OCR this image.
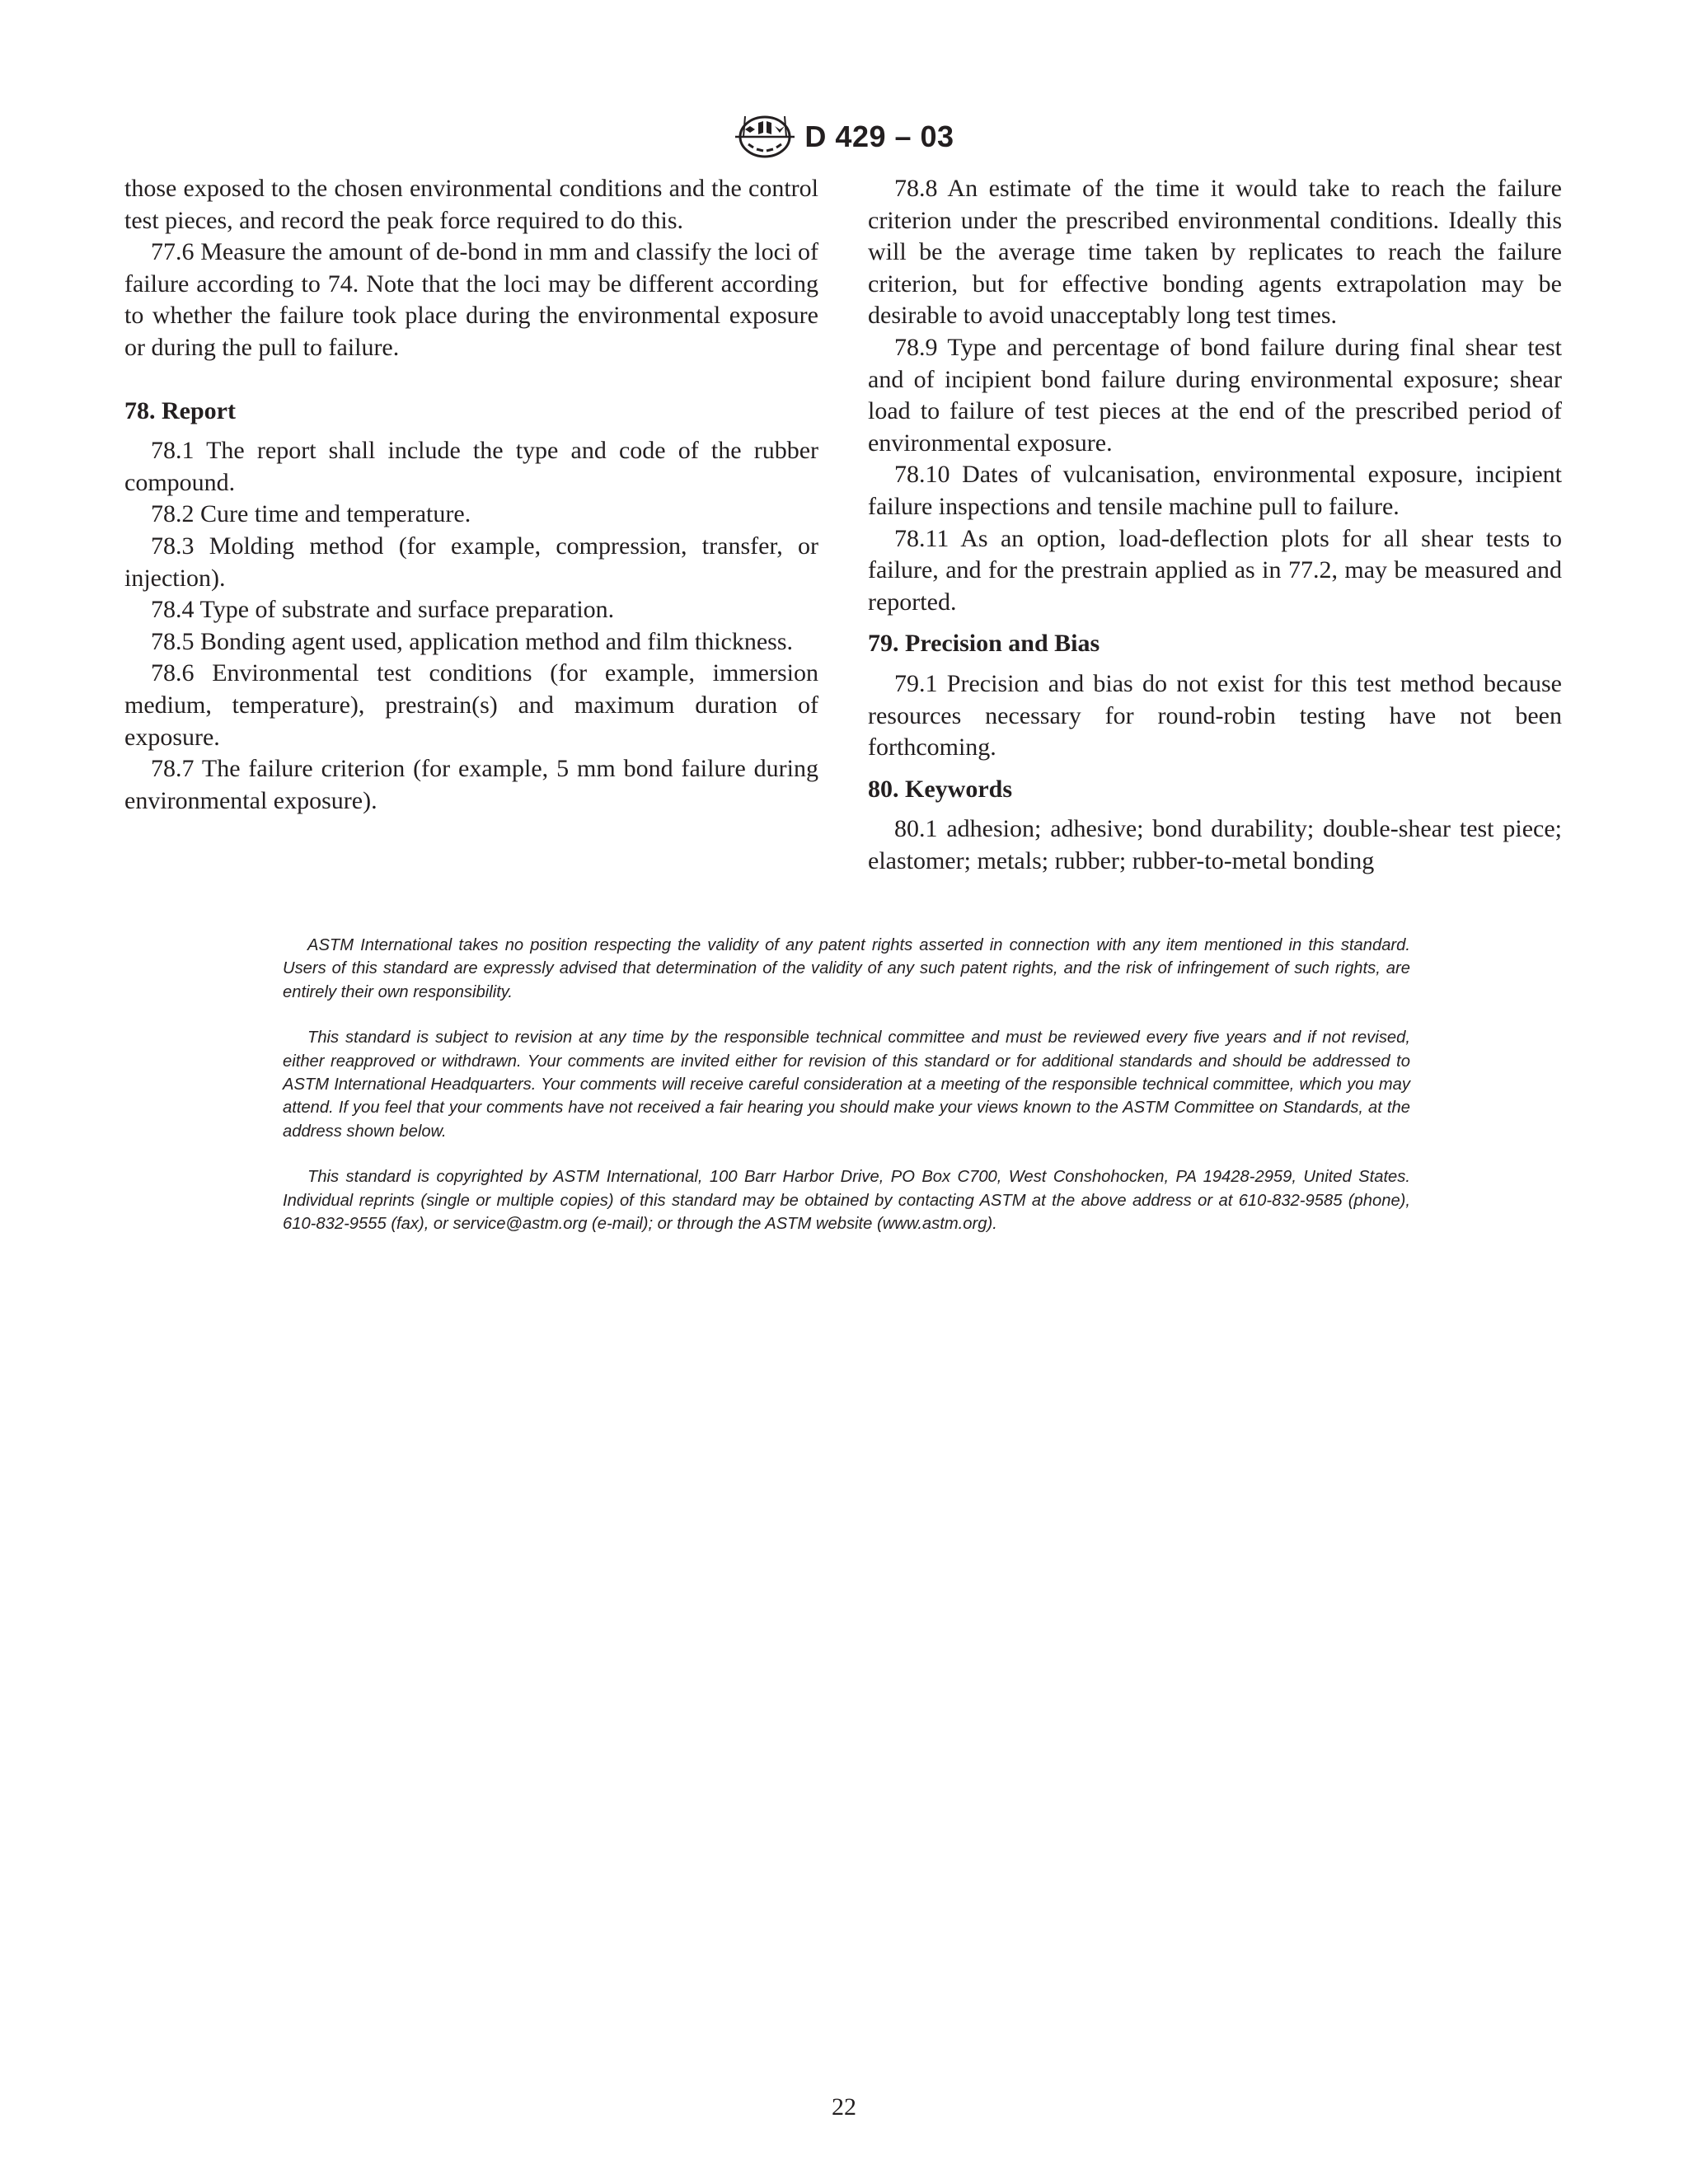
D 429 – 03

those exposed to the chosen environmental conditions and the control test pieces, and record the peak force required to do this.

77.6 Measure the amount of de-bond in mm and classify the loci of failure according to 74. Note that the loci may be different according to whether the failure took place during the environmental exposure or during the pull to failure.

78. Report

78.1 The report shall include the type and code of the rubber compound.

78.2 Cure time and temperature.

78.3 Molding method (for example, compression, transfer, or injection).

78.4 Type of substrate and surface preparation.

78.5 Bonding agent used, application method and film thickness.

78.6 Environmental test conditions (for example, immersion medium, temperature), prestrain(s) and maximum duration of exposure.

78.7 The failure criterion (for example, 5 mm bond failure during environmental exposure).

78.8 An estimate of the time it would take to reach the failure criterion under the prescribed environmental conditions. Ideally this will be the average time taken by replicates to reach the failure criterion, but for effective bonding agents extrapolation may be desirable to avoid unacceptably long test times.

78.9 Type and percentage of bond failure during final shear test and of incipient bond failure during environmental exposure; shear load to failure of test pieces at the end of the prescribed period of environmental exposure.

78.10 Dates of vulcanisation, environmental exposure, incipient failure inspections and tensile machine pull to failure.

78.11 As an option, load-deflection plots for all shear tests to failure, and for the prestrain applied as in 77.2, may be measured and reported.

79. Precision and Bias

79.1 Precision and bias do not exist for this test method because resources necessary for round-robin testing have not been forthcoming.

80. Keywords

80.1 adhesion; adhesive; bond durability; double-shear test piece; elastomer; metals; rubber; rubber-to-metal bonding

ASTM International takes no position respecting the validity of any patent rights asserted in connection with any item mentioned in this standard. Users of this standard are expressly advised that determination of the validity of any such patent rights, and the risk of infringement of such rights, are entirely their own responsibility.

This standard is subject to revision at any time by the responsible technical committee and must be reviewed every five years and if not revised, either reapproved or withdrawn. Your comments are invited either for revision of this standard or for additional standards and should be addressed to ASTM International Headquarters. Your comments will receive careful consideration at a meeting of the responsible technical committee, which you may attend. If you feel that your comments have not received a fair hearing you should make your views known to the ASTM Committee on Standards, at the address shown below.

This standard is copyrighted by ASTM International, 100 Barr Harbor Drive, PO Box C700, West Conshohocken, PA 19428-2959, United States. Individual reprints (single or multiple copies) of this standard may be obtained by contacting ASTM at the above address or at 610-832-9585 (phone), 610-832-9555 (fax), or service@astm.org (e-mail); or through the ASTM website (www.astm.org).

22
